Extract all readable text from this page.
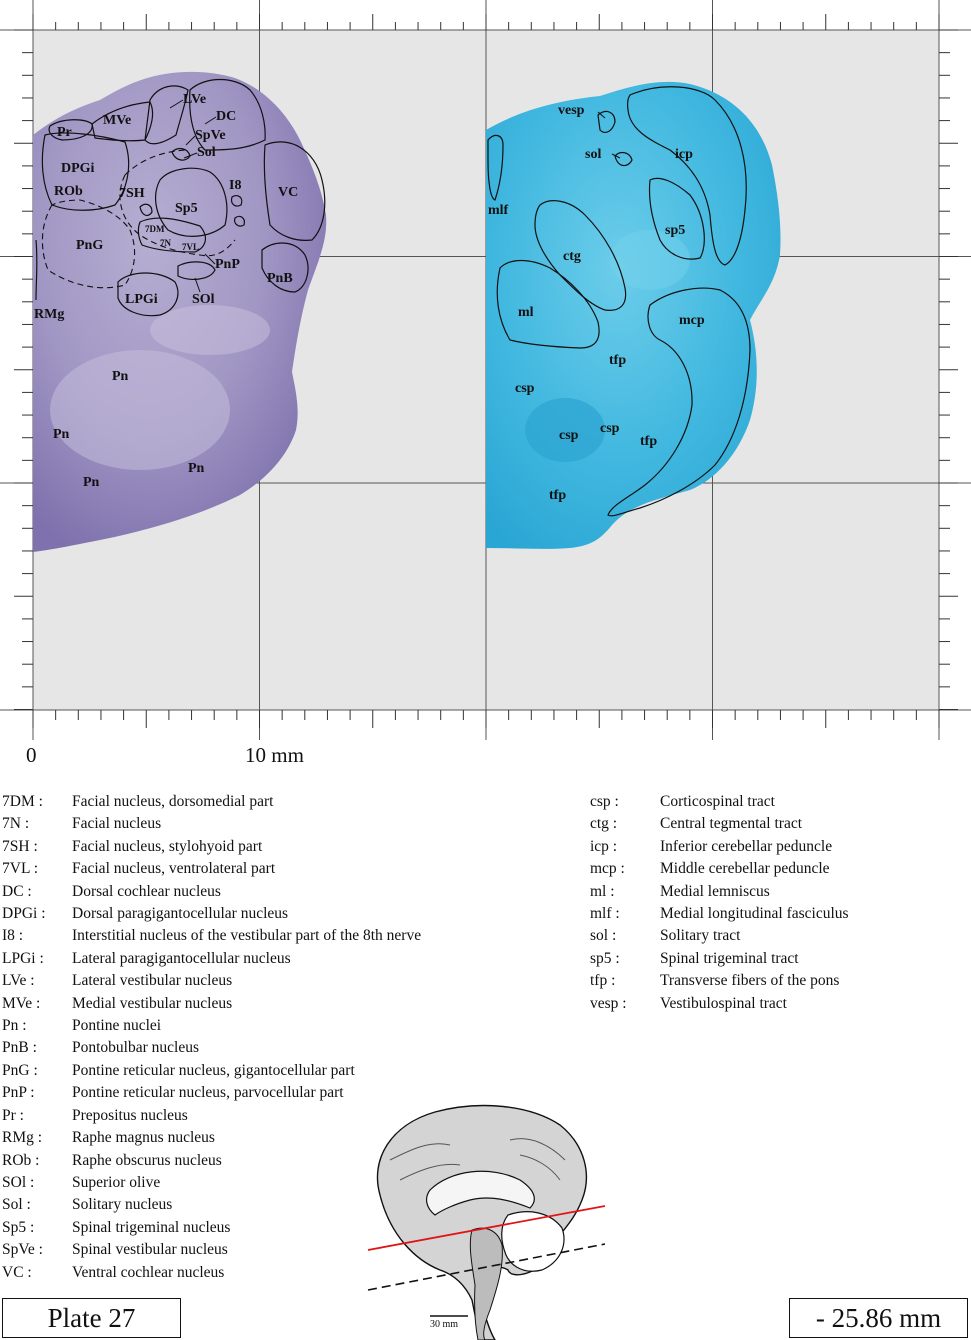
Pr
MVe
LVe
DC
SpVe
Sol
DPGi
ROb	7SH
I8
Sp5
VC
7DM
7N 7VL
PnG
PnP
PnB
LPGi SOl
RMg
Pn
Pn
Pn
Pn
vesp
sol	icp
mlf
sp5
ctg
ml
mcp
tfp
csp
csp csp
tfp
tfp
0	10 mm
7DM :	Facial nucleus, dorsomedial part
7N :	Facial nucleus
7SH :	Facial nucleus, stylohyoid part
7VL :	Facial nucleus, ventrolateral part
DC :	Dorsal cochlear nucleus
DPGi :	Dorsal paragigantocellular nucleus
I8 :	Interstitial nucleus of the vestibular part of the 8th nerve
LPGi :	Lateral paragigantocellular nucleus
LVe :	Lateral vestibular nucleus
MVe :	Medial vestibular nucleus
Pn :	Pontine nuclei
PnB :	Pontobulbar nucleus
PnG :	Pontine reticular nucleus, gigantocellular part
PnP :	Pontine reticular nucleus, parvocellular part
Pr :	Prepositus nucleus
RMg :	Raphe magnus nucleus
ROb :	Raphe obscurus nucleus
SOl :	Superior olive
Sol :	Solitary nucleus
Sp5 :	Spinal trigeminal nucleus
SpVe :	Spinal vestibular nucleus
VC :	Ventral cochlear nucleus
csp :	Corticospinal tract
ctg :	Central tegmental tract
icp :	Inferior cerebellar peduncle
mcp :	Middle cerebellar peduncle
ml :	Medial lemniscus
mlf :	Medial longitudinal fasciculus
sol :	Solitary tract
sp5 :	Spinal trigeminal tract
tfp :	Transverse fibers of the pons
vesp :	Vestibulospinal tract
30 mm
Plate 27	- 25.86 mm
